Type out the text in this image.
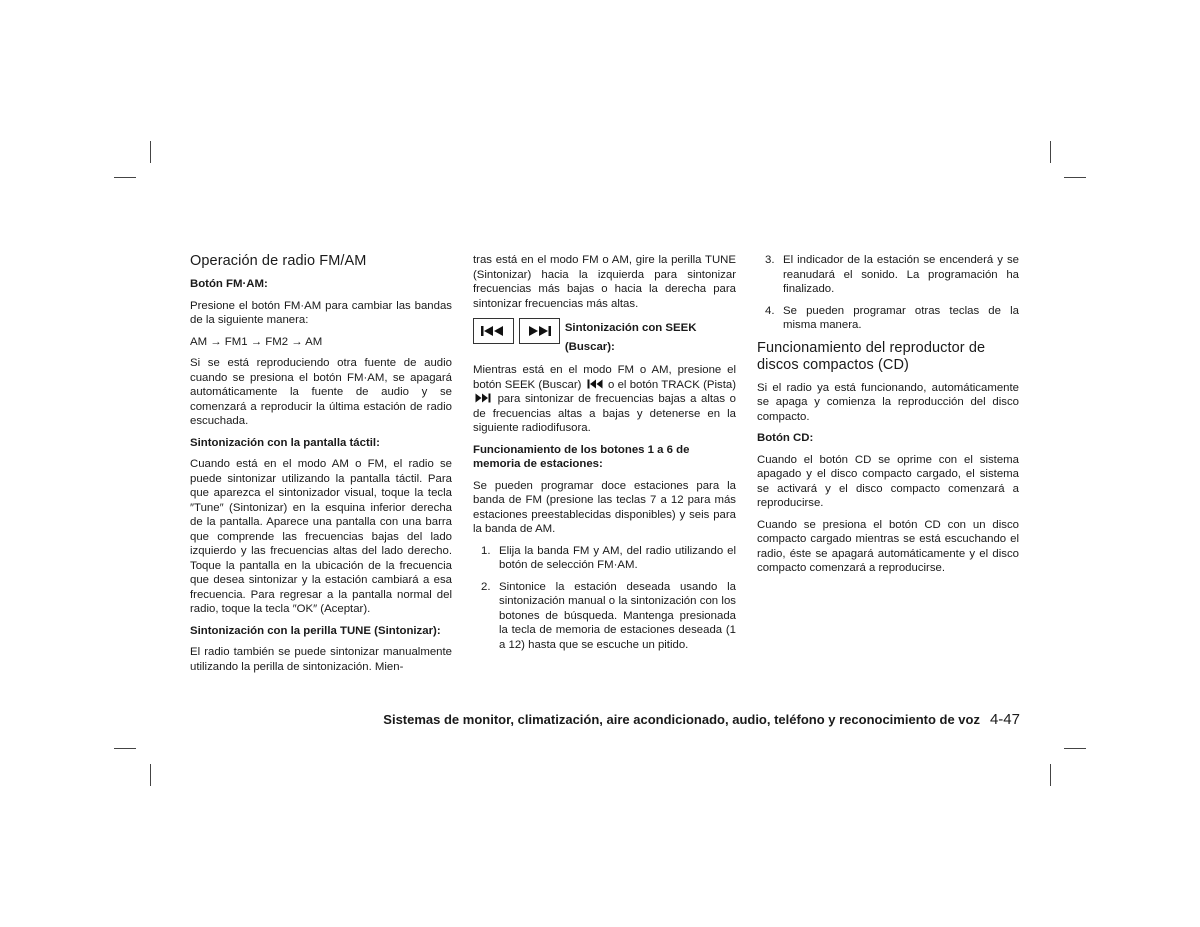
Operación de radio FM/AM
Botón FM·AM:

Presione el botón FM·AM para cambiar las bandas de la siguiente manera:

AM → FM1 → FM2 → AM

Si se está reproduciendo otra fuente de audio cuando se presiona el botón FM·AM, se apagará automáticamente la fuente de audio y se comenzará a reproducir la última estación de radio escuchada.

Sintonización con la pantalla táctil:

Cuando está en el modo AM o FM, el radio se puede sintonizar utilizando la pantalla táctil. Para que aparezca el sintonizador visual, toque la tecla ″Tune″ (Sintonizar) en la esquina inferior derecha de la pantalla. Aparece una pantalla con una barra que comprende las frecuencias bajas del lado izquierdo y las frecuencias altas del lado derecho. Toque la pantalla en la ubicación de la frecuencia que desea sintonizar y la estación cambiará a esa frecuencia. Para regresar a la pantalla normal del radio, toque la tecla ″OK″ (Aceptar).

Sintonización con la perilla TUNE (Sintonizar):

El radio también se puede sintonizar manualmente utilizando la perilla de sintonización. Mien-

tras está en el modo FM o AM, gire la perilla TUNE (Sintonizar) hacia la izquierda para sintonizar frecuencias más bajas o hacia la derecha para sintonizar frecuencias más altas.

Sintonización con SEEK (Buscar):

Mientras está en el modo FM o AM, presione el botón SEEK (Buscar) o el botón TRACK (Pista)  para sintonizar de frecuencias bajas a altas o de frecuencias altas a bajas y detenerse en la siguiente radiodifusora.

Funcionamiento de los botones 1 a 6 de memoria de estaciones:

Se pueden programar doce estaciones para la banda de FM (presione las teclas 7 a 12 para más estaciones preestablecidas disponibles) y seis para la banda de AM.

1. Elija la banda FM y AM, del radio utilizando el botón de selección FM·AM.
2. Sintonice la estación deseada usando la sintonización manual o la sintonización con los botones de búsqueda. Mantenga presionada la tecla de memoria de estaciones deseada (1 a 12) hasta que se escuche un pitido.
3. El indicador de la estación se encenderá y se reanudará el sonido. La programación ha finalizado.
4. Se pueden programar otras teclas de la misma manera.
Funcionamiento del reproductor de discos compactos (CD)

Si el radio ya está funcionando, automáticamente se apaga y comienza la reproducción del disco compacto.

Botón CD:

Cuando el botón CD se oprime con el sistema apagado y el disco compacto cargado, el sistema se activará y el disco compacto comenzará a reproducirse.

Cuando se presiona el botón CD con un disco compacto cargado mientras se está escuchando el radio, éste se apagará automáticamente y el disco compacto comenzará a reproducirse.

Sistemas de monitor, climatización, aire acondicionado, audio, teléfono y reconocimiento de voz 4-47
